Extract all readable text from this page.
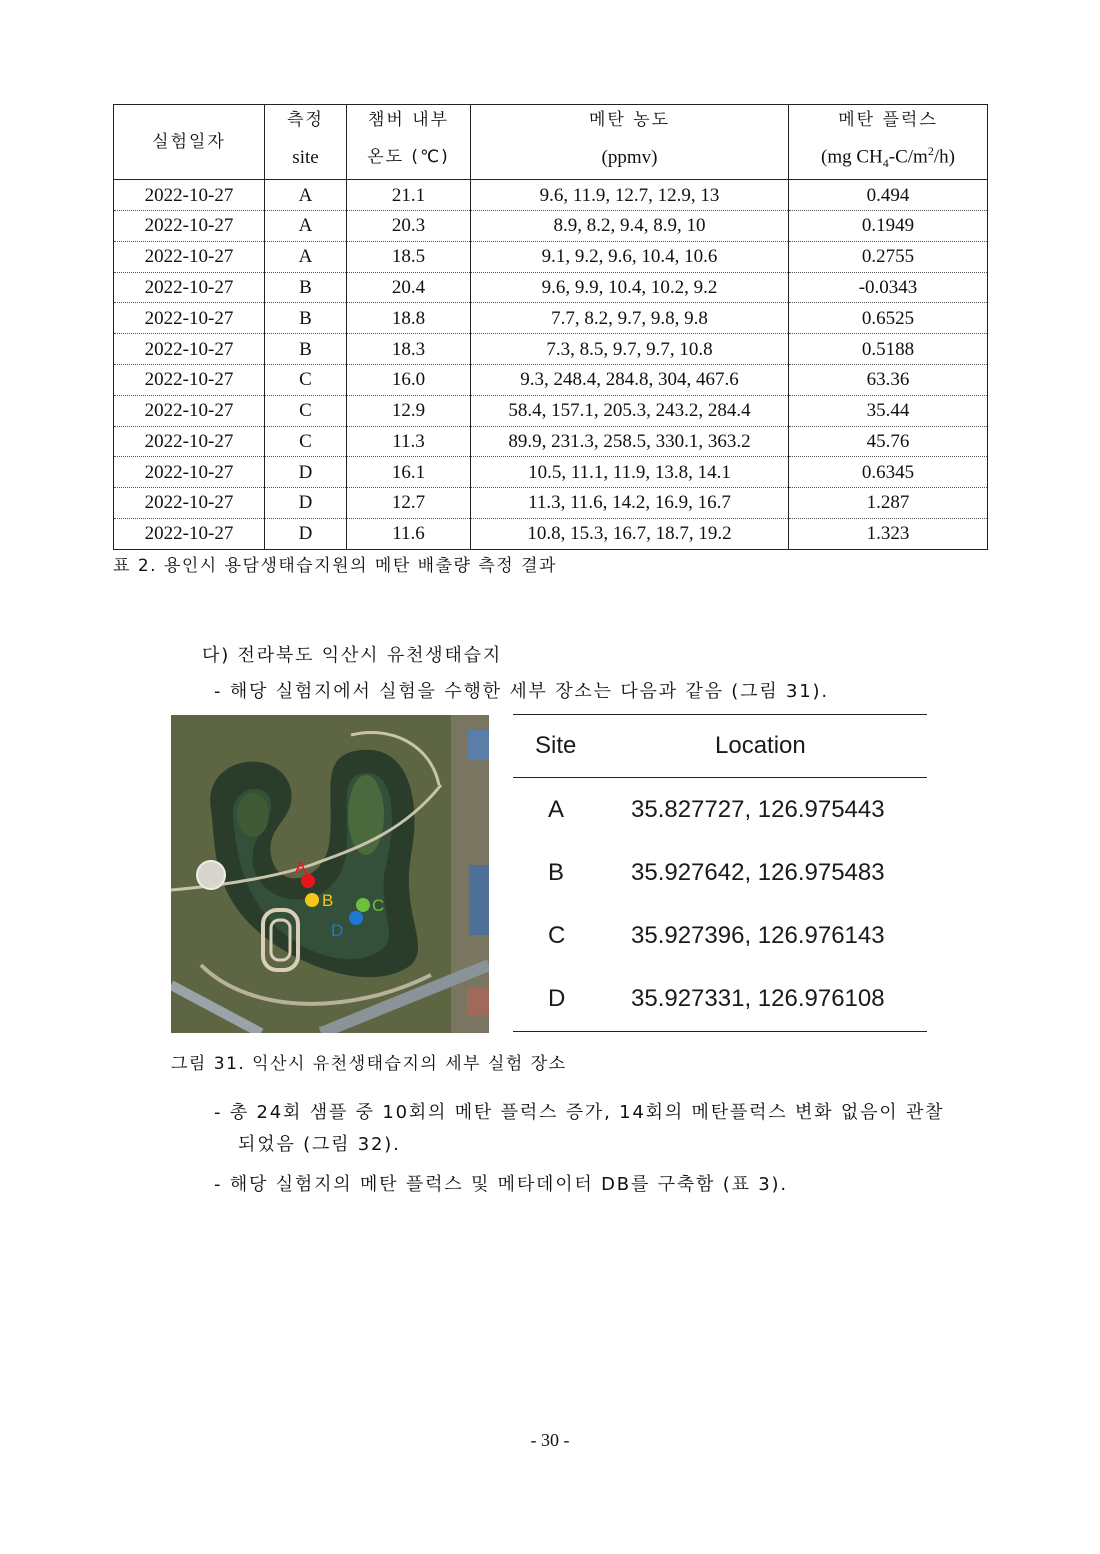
실험일자	측정	챔버 내부	메탄 농도	메탄 플럭스
	site	온도 (℃)	(ppmv)	(mg $CH_4-C/m^2/h$)
2022-10-27	A	21.1	9.6, 11.9, 12.7, 12.9, 13	0.494
2022-10-27	A	20.3	8.9, 8.2, 9.4, 8.9, 10	0.1949
2022-10-27	A	18.5	9.1, 9.2, 9.6, 10.4, 10.6	0.2755
2022-10-27	B	20.4	9.6, 9.9, 10.4, 10.2, 9.2	-0.0343
2022-10-27	B	18.8	7.7, 8.2, 9.7, 9.8, 9.8	0.6525
2022-10-27	B	18.3	7.3, 8.5, 9.7, 9.7, 10.8	0.5188
2022-10-27	C	16.0	9.3, 248.4, 284.8, 304, 467.6	63.36
2022-10-27	C	12.9	58.4, 157.1, 205.3, 243.2, 284.4	35.44
2022-10-27	C	11.3	89.9, 231.3, 258.5, 330.1, 363.2	45.76
2022-10-27	D	16.1	10.5, 11.1, 11.9, 13.8, 14.1	0.6345
2022-10-27	D	12.7	11.3, 11.6, 14.2, 16.9, 16.7	1.287
2022-10-27	D	11.6	10.8, 15.3, 16.7, 18.7, 19.2	1.323
표 2. 용인시 용담생태습지원의 메탄 배출량 측정 결과
다) 전라북도 익산시 유천생태습지
- 해당 실험지에서 실험을 수행한 세부 장소는 다음과 같음 (그림 31).
A
B C
D
Site	Location
A	35.827727, 126.975443
B	35.927642, 126.975483
C	35.927396, 126.976143
D	35.927331, 126.976108
그림 31. 익산시 유천생태습지의 세부 실험 장소
- 총 24회 샘플 중 10회의 메탄 플럭스 증가, 14회의 메탄플럭스 변화 없음이 관찰
되었음 (그림 32).
- 해당 실험지의 메탄 플럭스 및 메타데이터 DB를 구축함 (표 3).
- 30 -
